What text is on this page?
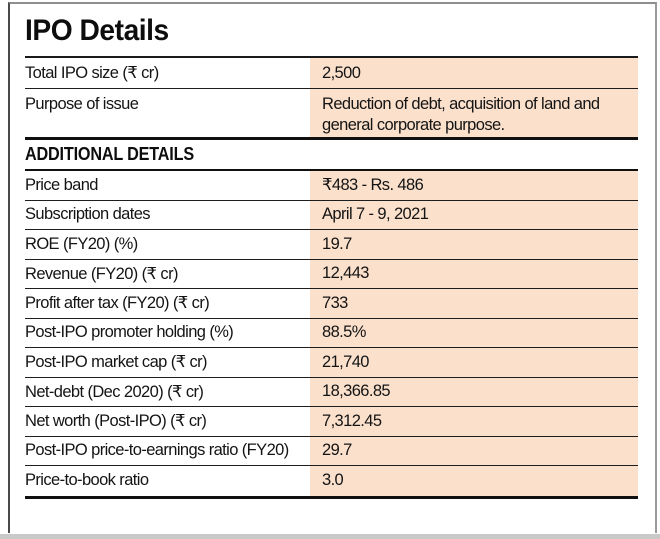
IPO Details
Total IPO size (₹ cr)	2,500
Purpose of issue	Reduction of debt, acquisition of land and general corporate purpose.
ADDITIONAL DETAILS
Price band	₹483 - Rs. 486
Subscription dates	April 7 - 9, 2021
ROE (FY20) (%)	19.7
Revenue (FY20) (₹ cr)	12,443
Profit after tax (FY20) (₹ cr)	733
Post-IPO promoter holding (%)	88.5%
Post-IPO market cap (₹ cr)	21,740
Net-debt (Dec 2020) (₹ cr)	18,366.85
Net worth (Post-IPO) (₹ cr)	7,312.45
Post-IPO price-to-earnings ratio (FY20)	29.7
Price-to-book ratio	3.0
